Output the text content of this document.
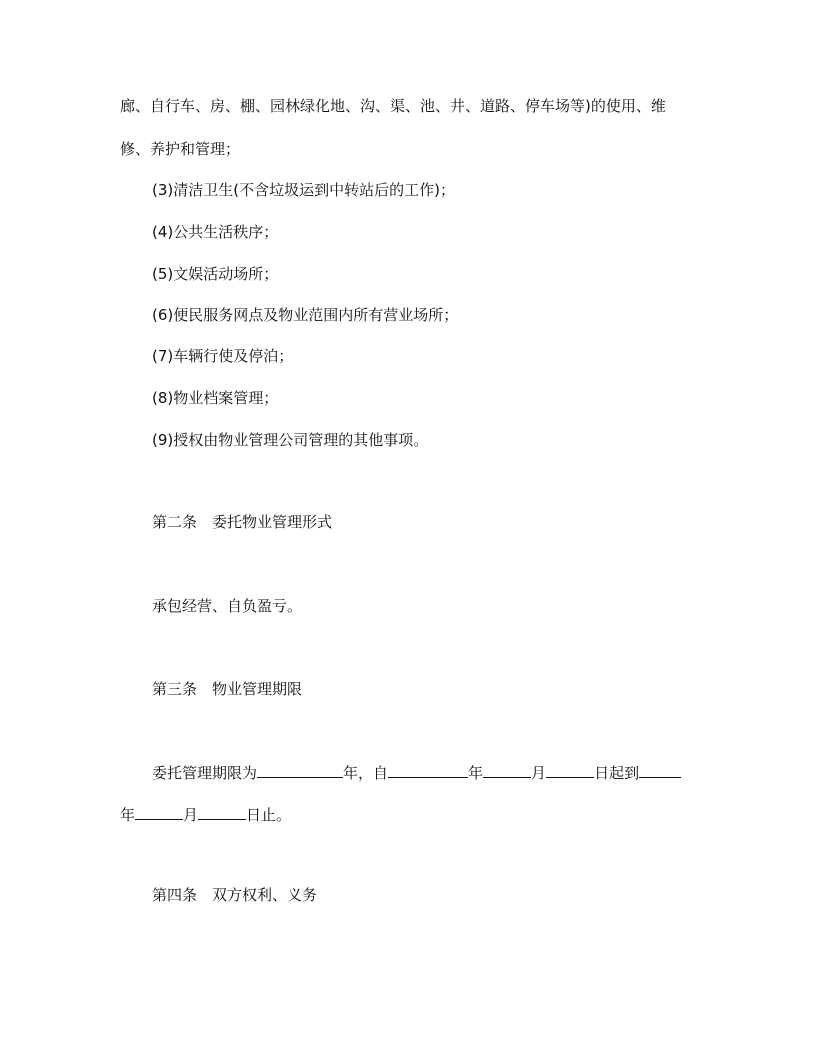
廊、自行车、房、棚、园林绿化地、沟、渠、池、井、道路、停车场等)的使用、维
修、养护和管理；
(3)清洁卫生(不含垃圾运到中转站后的工作)；
(4)公共生活秩序；
(5)文娱活动场所；
(6)便民服务网点及物业范围内所有营业场所；
(7)车辆行使及停泊；
(8)物业档案管理；
(9)授权由物业管理公司管理的其他事项。
第二条　委托物业管理形式
承包经营、自负盈亏。
第三条　物业管理期限
委托管理期限为	年，自	年	月	日起到
年	月	日止。
第四条　双方权利、义务
